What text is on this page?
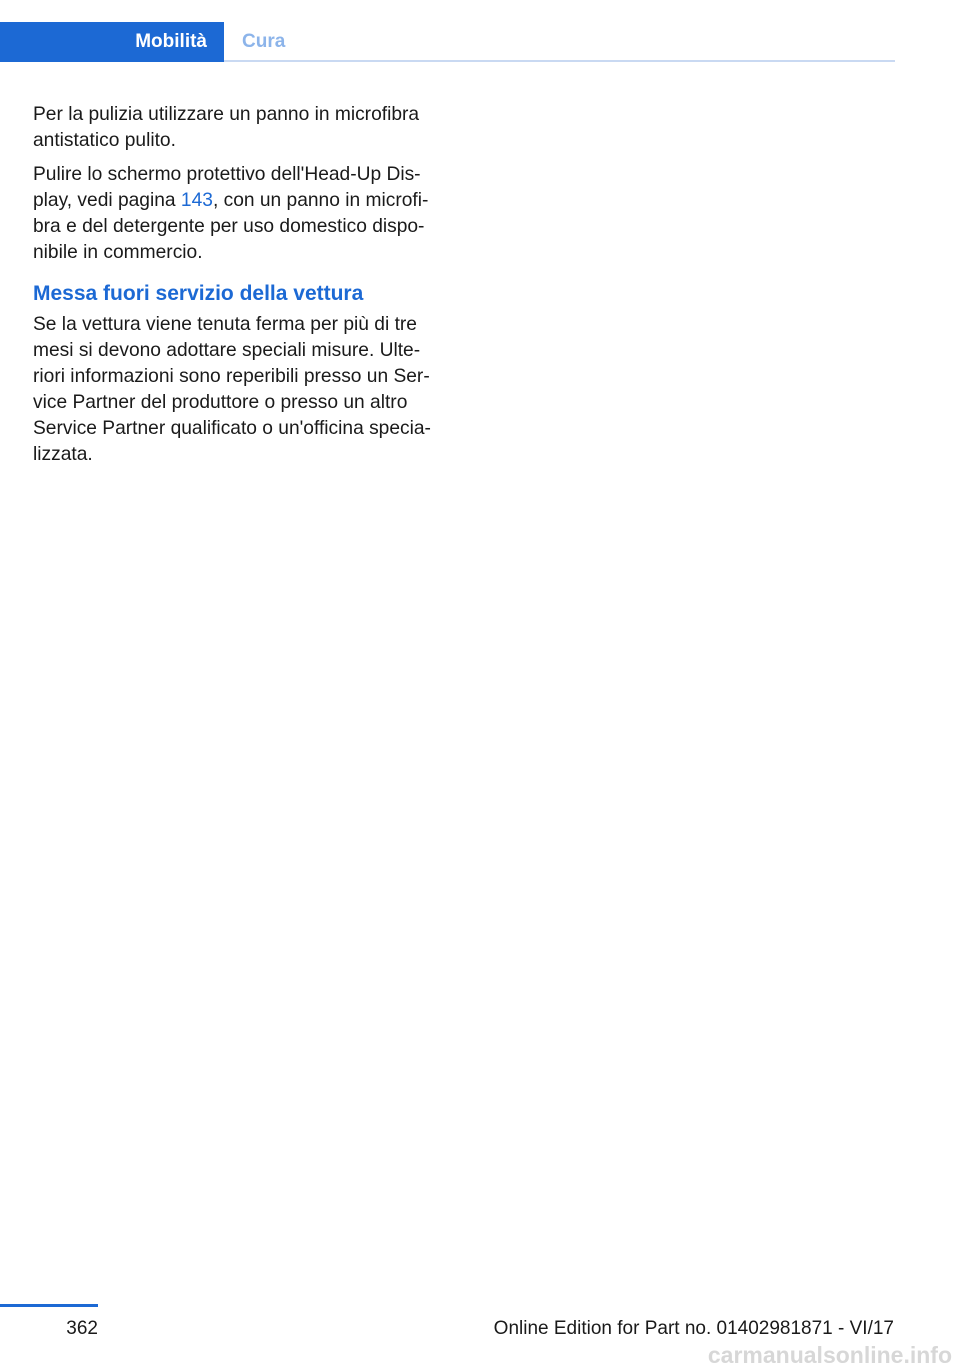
Mobilità	Cura

Per la pulizia utilizzare un panno in microfibra
antistatico pulito.

Pulire lo schermo protettivo dell'Head-Up Dis-
play, vedi pagina 143, con un panno in microfi-
bra e del detergente per uso domestico dispo-
nibile in commercio.

Messa fuori servizio della vettura

Se la vettura viene tenuta ferma per più di tre
mesi si devono adottare speciali misure. Ulte-
riori informazioni sono reperibili presso un Ser-
vice Partner del produttore o presso un altro
Service Partner qualificato o un'officina specia-
lizzata.

362	Online Edition for Part no. 01402981871 - VI/17
carmanualsonline.info
